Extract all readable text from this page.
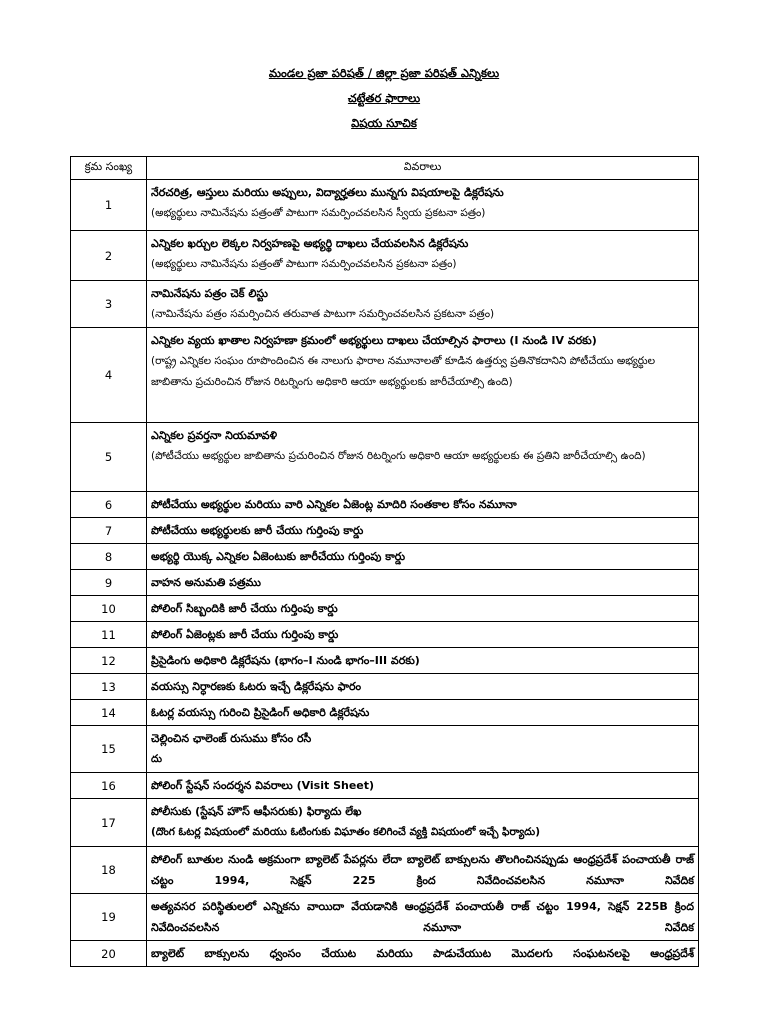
మండల ప్రజా పరిషత్ / జిల్లా ప్రజా పరిషత్ ఎన్నికలు
చట్టేతర ఫారాలు
విషయ సూచిక
క్రమ సంఖ్య	వివరాలు
1	నేరచరిత్ర, ఆస్తులు మరియు అప్పులు, విద్యార్హతలు మున్నగు విషయాలపై డిక్లరేషను
(అభ్యర్థులు నామినేషను పత్రంతో పాటుగా సమర్పించవలసిన స్వీయ ప్రకటనా పత్రం)

2	ఎన్నికల ఖర్చుల లెక్కల నిర్వహణపై అభ్యర్థి దాఖలు చేయవలసిన డిక్లరేషను
(అభ్యర్థులు నామినేషను పత్రంతో పాటుగా సమర్పించవలసిన ప్రకటనా పత్రం)

3	నామినేషను పత్రం చెక్ లిస్టు
(నామినేషను పత్రం సమర్పించిన తరువాత పాటుగా సమర్పించవలసిన ప్రకటనా పత్రం)

4	ఎన్నికల వ్యయ ఖాతాల నిర్వహణా క్రమంలో అభ్యర్థులు దాఖలు చేయాల్సిన ఫారాలు (I నుండి IV వరకు)
(రాష్ట్ర ఎన్నికల సంఘం రూపొందించిన ఈ నాలుగు ఫారాల నమూనాలతో కూడిన ఉత్తర్వు ప్రతినొకదానిని పోటీచేయు అభ్యర్థుల జాబితాను ప్రచురించిన రోజున రిటర్నింగు అధికారి ఆయా అభ్యర్థులకు జారీచేయాల్సి ఉంది)

5	ఎన్నికల ప్రవర్తనా నియమావళి
(పోటీచేయు అభ్యర్థుల జాబితాను ప్రచురించిన రోజున రిటర్నింగు అధికారి ఆయా అభ్యర్థులకు ఈ ప్రతిని జారీచేయాల్సి ఉంది)

6	పోటీచేయు అభ్యర్థుల మరియు వారి ఎన్నికల ఏజెంట్ల మాదిరి సంతకాల కోసం నమూనా

7	పోటీచేయు అభ్యర్థులకు జారీ చేయు గుర్తింపు కార్డు

8	అభ్యర్థి యొక్క ఎన్నికల ఏజెంటుకు జారీచేయు గుర్తింపు కార్డు

9	వాహన అనుమతి పత్రము

10	పోలింగ్ సిబ్బందికి జారీ చేయు గుర్తింపు కార్డు

11	పోలింగ్ ఏజెంట్లకు జారీ చేయు గుర్తింపు కార్డు

12	ప్రిసైడింగు అధికారి డిక్లరేషను (భాగం–I నుండి భాగం–III వరకు)

13	వయస్సు నిర్ధారణకు ఓటరు ఇచ్చే డిక్లరేషను ఫారం

14	ఓటర్ల వయస్సు గురించి ప్రిసైడింగ్ అధికారి డిక్లరేషను

15	చెల్లించిన ఛాలెంజ్ రుసుము కోసం రసీ
దు

16	పోలింగ్ స్టేషన్ సందర్శన వివరాలు (Visit Sheet)

17	పోలీసుకు (స్టేషన్ హౌస్ ఆఫీసరుకు) ఫిర్యాదు లేఖ
(దొంగ ఓటర్ల విషయంలో మరియు ఓటింగుకు విఘాతం కలిగించే వ్యక్తి విషయంలో ఇచ్చే ఫిర్యాదు)

18	పోలింగ్ బూతుల నుండి అక్రమంగా బ్యాలెట్ పేపర్లను లేదా బ్యాలెట్ బాక్సులను తొలగించినప్పుడు ఆంధ్రప్రదేశ్ పంచాయతీ రాజ్ చట్టం 1994, సెక్షన్ 225 క్రింద నివేదించవలసిన నమూనా నివేదిక

19	అత్యవసర పరిస్థితులలో ఎన్నికను వాయిదా వేయడానికి ఆంధ్రప్రదేశ్ పంచాయతీ రాజ్ చట్టం 1994, సెక్షన్ 225B క్రింద నివేదించవలసిన నమూనా నివేదిక

20	బ్యాలెట్ బాక్సులను ధ్వంసం చేయుట మరియు పాడుచేయుట మొదలగు సంఘటనలపై ఆంధ్రప్రదేశ్
